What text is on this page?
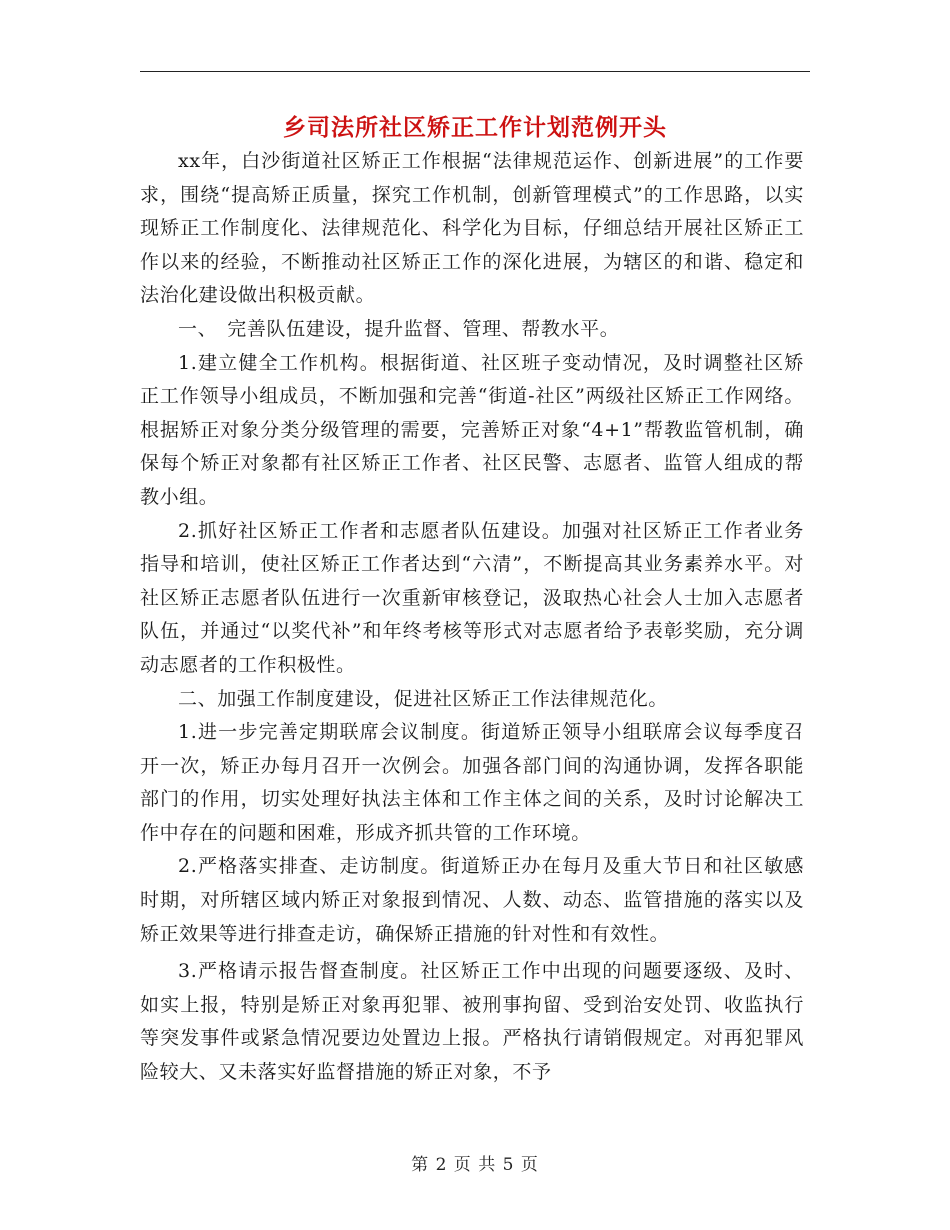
乡司法所社区矫正工作计划范例开头

xx年，白沙街道社区矫正工作根据“法律规范运作、创新进展”的工作要求，围绕“提高矫正质量，探究工作机制，创新管理模式”的工作思路，以实现矫正工作制度化、法律规范化、科学化为目标，仔细总结开展社区矫正工作以来的经验，不断推动社区矫正工作的深化进展，为辖区的和谐、稳定和法治化建设做出积极贡献。

一、　完善队伍建设，提升监督、管理、帮教水平。

1.建立健全工作机构。根据街道、社区班子变动情况，及时调整社区矫正工作领导小组成员，不断加强和完善“街道-社区”两级社区矫正工作网络。根据矫正对象分类分级管理的需要，完善矫正对象“4+1”帮教监管机制，确保每个矫正对象都有社区矫正工作者、社区民警、志愿者、监管人组成的帮教小组。

2.抓好社区矫正工作者和志愿者队伍建设。加强对社区矫正工作者业务指导和培训，使社区矫正工作者达到“六清”，不断提高其业务素养水平。对社区矫正志愿者队伍进行一次重新审核登记，汲取热心社会人士加入志愿者队伍，并通过“以奖代补”和年终考核等形式对志愿者给予表彰奖励，充分调动志愿者的工作积极性。

二、加强工作制度建设，促进社区矫正工作法律规范化。

1.进一步完善定期联席会议制度。街道矫正领导小组联席会议每季度召开一次，矫正办每月召开一次例会。加强各部门间的沟通协调，发挥各职能部门的作用，切实处理好执法主体和工作主体之间的关系，及时讨论解决工作中存在的问题和困难，形成齐抓共管的工作环境。

2.严格落实排查、走访制度。街道矫正办在每月及重大节日和社区敏感时期，对所辖区域内矫正对象报到情况、人数、动态、监管措施的落实以及矫正效果等进行排查走访，确保矫正措施的针对性和有效性。

3.严格请示报告督查制度。社区矫正工作中出现的问题要逐级、及时、如实上报，特别是矫正对象再犯罪、被刑事拘留、受到治安处罚、收监执行等突发事件或紧急情况要边处置边上报。严格执行请销假规定。对再犯罪风险较大、又未落实好监督措施的矫正对象，不予

第 2 页 共 5 页
